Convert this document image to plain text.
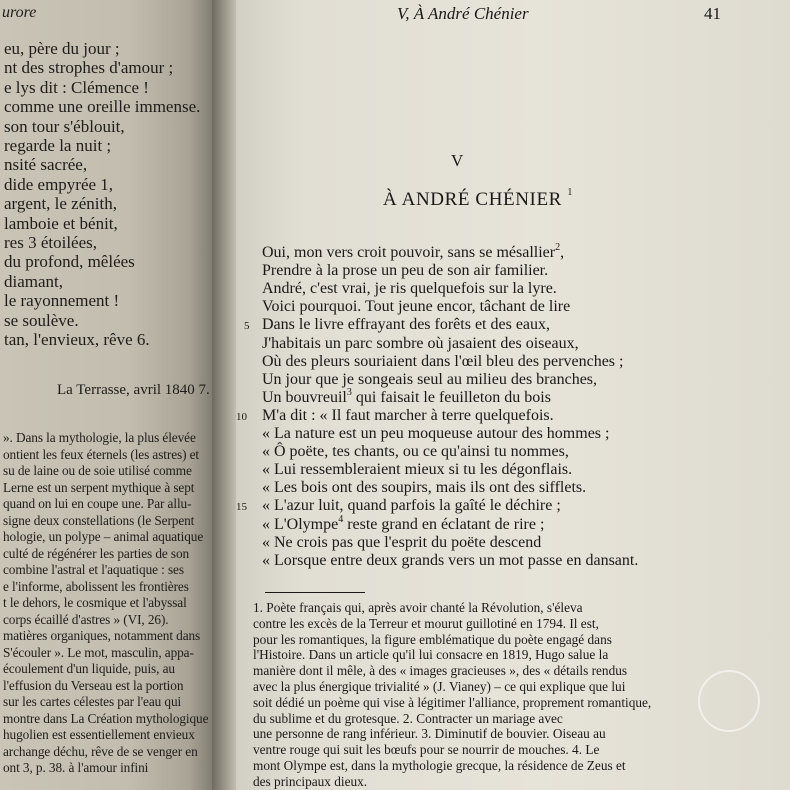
urore
eu, père du jour ;
nt des strophes d'amour ;
e lys dit : Clémence !
comme une oreille immense.
son tour s'éblouit,
regarde la nuit ;
nsité sacrée,
dide empyrée 1,
argent, le zénith,
lamboie et bénit,
res 3 étoilées,
du profond, mêlées
diamant,
le rayonnement !
se soulève.
tan, l'envieux, rêve 6.
La Terrasse, avril 1840 7.
». Dans la mythologie, la plus élevée
ontient les feux éternels (les astres) et
su de laine ou de soie utilisé comme
Lerne est un serpent mythique à sept
quand on lui en coupe une. Par allu-
signe deux constellations (le Serpent
hologie, un polype – animal aquatique
culté de régénérer les parties de son
combine l'astral et l'aquatique : ses
e l'informe, abolissent les frontières
t le dehors, le cosmique et l'abyssal
corps écaillé d'astres » (VI, 26).
matières organiques, notamment dans
S'écouler ». Le mot, masculin, appa-
écoulement d'un liquide, puis, au
l'effusion du Verseau est la portion
sur les cartes célestes par l'eau qui
montre dans La Création mythologique
hugolien est essentiellement envieux
archange déchu, rêve de se venger en
ont 3, p. 38. à l'amour infini
V, À André Chénier	41
V
À ANDRÉ CHÉNIER $^1$
Oui, mon vers croit pouvoir, sans se mésallier$^2$,
Prendre à la prose un peu de son air familier.
André, c'est vrai, je ris quelquefois sur la lyre.
Voici pourquoi. Tout jeune encor, tâchant de lire
Dans le livre effrayant des forêts et des eaux,
5
J'habitais un parc sombre où jasaient des oiseaux,
Où des pleurs souriaient dans l'œil bleu des pervenches ;
Un jour que je songeais seul au milieu des branches,
Un bouvreuil$^3$ qui faisait le feuilleton du bois
M'a dit : « Il faut marcher à terre quelquefois.
10
« La nature est un peu moqueuse autour des hommes ;
« Ô poëte, tes chants, ou ce qu'ainsi tu nommes,
« Lui ressembleraient mieux si tu les dégonflais.
« Les bois ont des soupirs, mais ils ont des sifflets.
« L'azur luit, quand parfois la gaîté le déchire ;
15
« L'Olympe$^4$ reste grand en éclatant de rire ;
« Ne crois pas que l'esprit du poëte descend
« Lorsque entre deux grands vers un mot passe en dansant.
1. Poète français qui, après avoir chanté la Révolution, s'éleva
contre les excès de la Terreur et mourut guillotiné en 1794. Il est,
pour les romantiques, la figure emblématique du poète engagé dans
l'Histoire. Dans un article qu'il lui consacre en 1819, Hugo salue la
manière dont il mêle, à des « images gracieuses », des « détails rendus
avec la plus énergique trivialité » (J. Vianey) – ce qui explique que lui
soit dédié un poème qui vise à légitimer l'alliance, proprement romantique,
du sublime et du grotesque. 2. Contracter un mariage avec
une personne de rang inférieur. 3. Diminutif de bouvier. Oiseau au
ventre rouge qui suit les bœufs pour se nourrir de mouches. 4. Le
mont Olympe est, dans la mythologie grecque, la résidence de Zeus et
des principaux dieux.
